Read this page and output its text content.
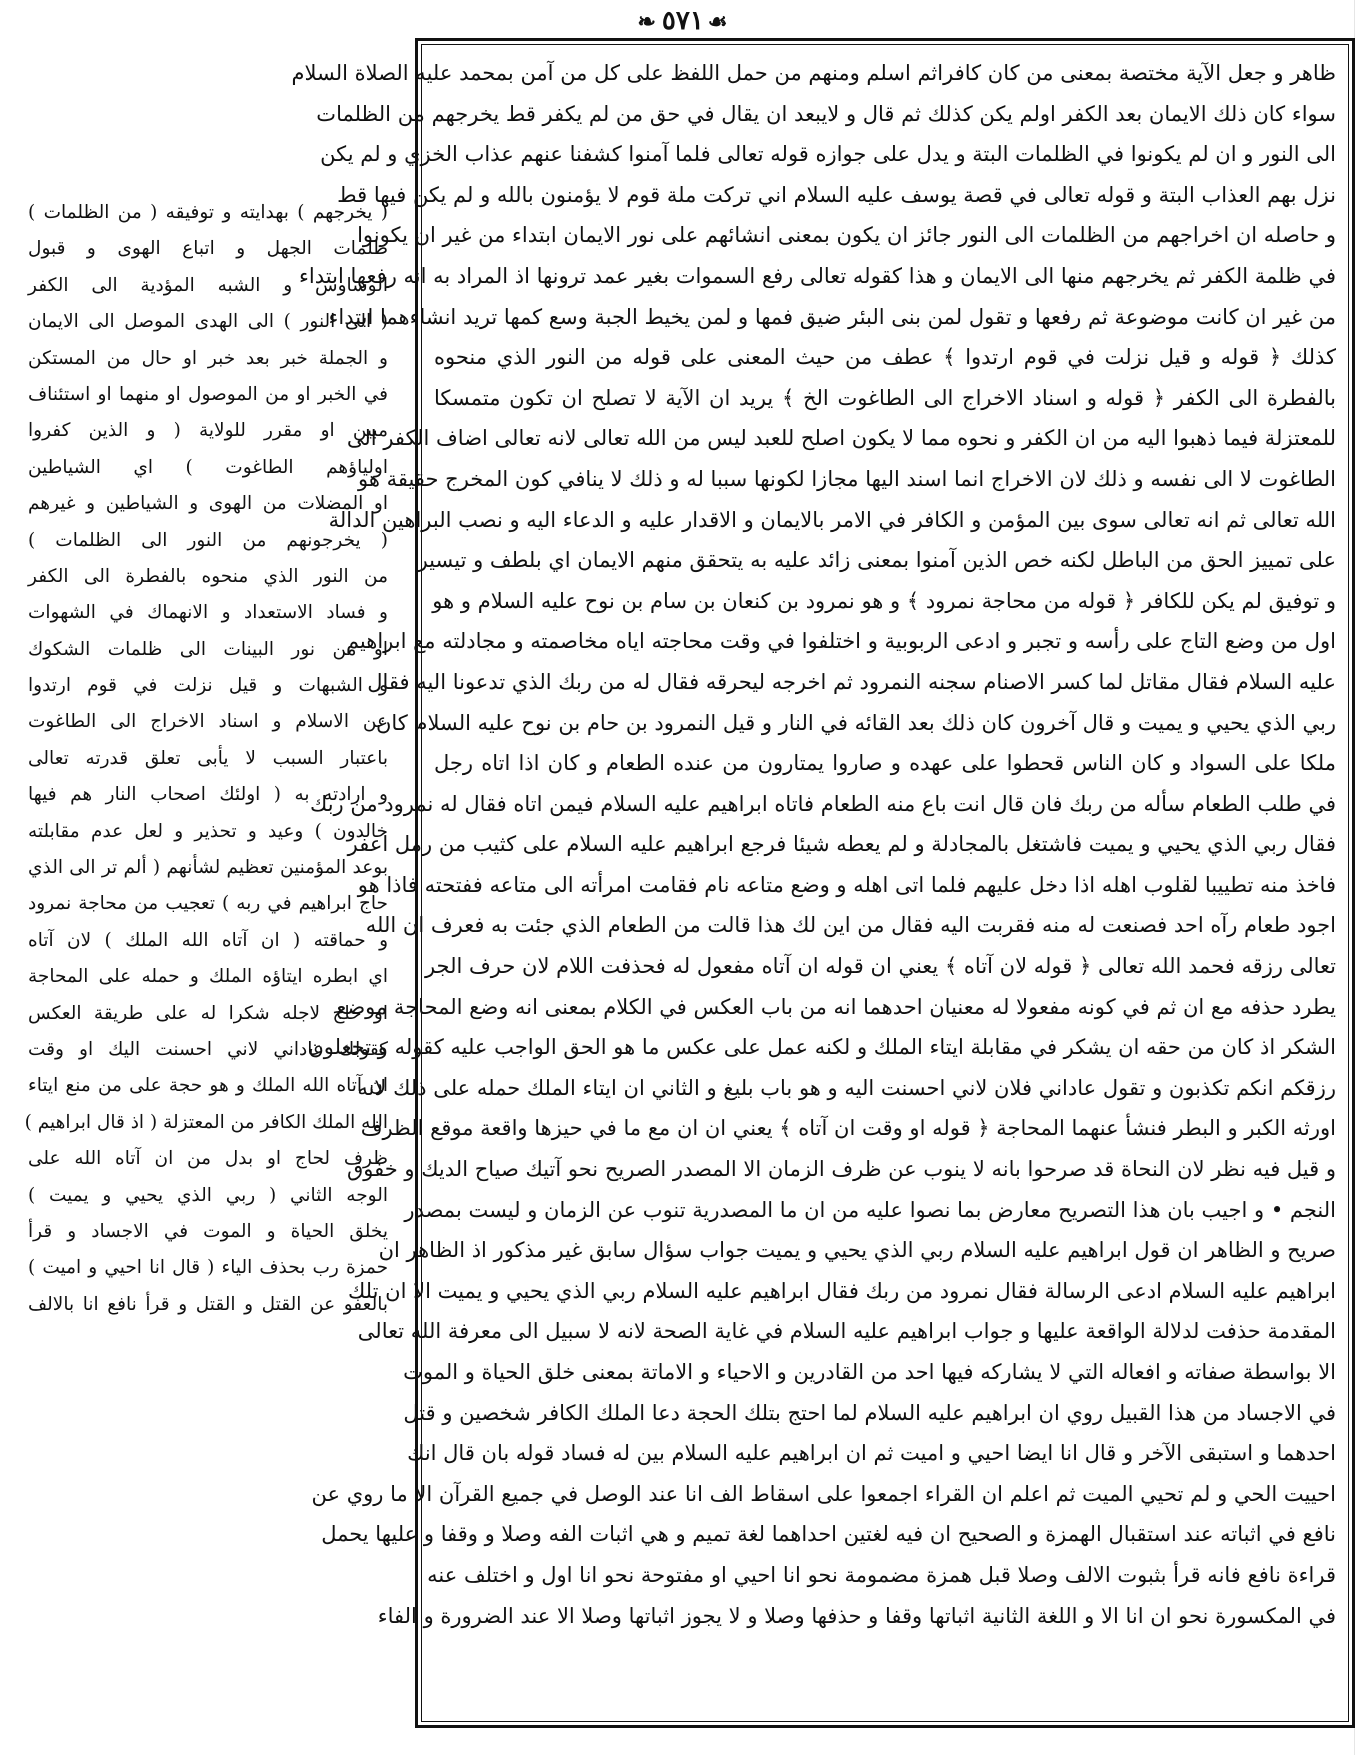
❧ ٥٧١ ☙
( يخرجهم ) بهدايته و توفيقه ( من الظلمات )
ظلمات الجهل و اتباع الهوى و قبول
الوساوس و الشبه المؤدية الى الكفر
( الى النور ) الى الهدى الموصل الى الايمان
و الجملة خبر بعد خبر او حال من المستكن
في الخبر او من الموصول او منهما او استئناف
مبين او مقرر للولاية ( و الذين كفروا
اولياؤهم الطاغوت ) اي الشياطين
او المضلات من الهوى و الشياطين و غيرهم
( يخرجونهم من النور الى الظلمات )
من النور الذي منحوه بالفطرة الى الكفر
و فساد الاستعداد و الانهماك في الشهوات
او من نور البينات الى ظلمات الشكوك
و الشبهات و قيل نزلت في قوم ارتدوا
عن الاسلام و اسناد الاخراج الى الطاغوت
باعتبار السبب لا يأبى تعلق قدرته تعالى
و ارادته به ( اولئك اصحاب النار هم فيها
خالدون ) وعيد و تحذير و لعل عدم مقابلته
بوعد المؤمنين تعظيم لشأنهم ( ألم تر الى الذي
حاج ابراهيم في ربه ) تعجيب من محاجة نمرود
و حماقته ( ان آتاه الله الملك ) لان آتاه
اي ابطره ايتاؤه الملك و حمله على المحاجة
او حاج لاجله شكرا له على طريقة العكس
كقولك عاداني لاني احسنت اليك او وقت
ان آتاه الله الملك و هو حجة على من منع ايتاء
الله الملك الكافر من المعتزلة ( اذ قال ابراهيم )
ظرف لحاج او بدل من ان آتاه الله على
الوجه الثاني ( ربي الذي يحيي و يميت )
يخلق الحياة و الموت في الاجساد و قرأ
حمزة رب بحذف الياء ( قال انا احيي و اميت )
بالعفو عن القتل و القتل و قرأ نافع انا بالالف
ظاهر و جعل الآية مختصة بمعنى من كان كافراثم اسلم ومنهم من حمل اللفظ على كل من آمن بمحمد عليه الصلاة السلام
سواء كان ذلك الايمان بعد الكفر اولم يكن كذلك ثم قال و لايبعد ان يقال في حق من لم يكفر قط يخرجهم من الظلمات
الى النور و ان لم يكونوا في الظلمات البتة و يدل على جوازه قوله تعالى فلما آمنوا كشفنا عنهم عذاب الخزي و لم يكن
نزل بهم العذاب البتة و قوله تعالى في قصة يوسف عليه السلام اني تركت ملة قوم لا يؤمنون بالله و لم يكن فيها قط
و حاصله ان اخراجهم من الظلمات الى النور جائز ان يكون بمعنى انشائهم على نور الايمان ابتداء من غير ان يكونوا
في ظلمة الكفر ثم يخرجهم منها الى الايمان و هذا كقوله تعالى رفع السموات بغير عمد ترونها اذ المراد به انه رفعها ابتداء
من غير ان كانت موضوعة ثم رفعها و تقول لمن بنى البئر ضيق فمها و لمن يخيط الجبة وسع كمها تريد انشاءهما ابتداء
كذلك ﴿ قوله و قيل نزلت في قوم ارتدوا ﴾ عطف من حيث المعنى على قوله من النور الذي منحوه
بالفطرة الى الكفر ﴿ قوله و اسناد الاخراج الى الطاغوت الخ ﴾ يريد ان الآية لا تصلح ان تكون متمسكا
للمعتزلة فيما ذهبوا اليه من ان الكفر و نحوه مما لا يكون اصلح للعبد ليس من الله تعالى لانه تعالى اضاف الكفر الى
الطاغوت لا الى نفسه و ذلك لان الاخراج انما اسند اليها مجازا لكونها سببا له و ذلك لا ينافي كون المخرج حقيقة هو
الله تعالى ثم انه تعالى سوى بين المؤمن و الكافر في الامر بالايمان و الاقدار عليه و الدعاء اليه و نصب البراهين الدالة
على تمييز الحق من الباطل لكنه خص الذين آمنوا بمعنى زائد عليه به يتحقق منهم الايمان اي بلطف و تيسير
و توفيق لم يكن للكافر ﴿ قوله من محاجة نمرود ﴾ و هو نمرود بن كنعان بن سام بن نوح عليه السلام و هو
اول من وضع التاج على رأسه و تجبر و ادعى الربوبية و اختلفوا في وقت محاجته اياه مخاصمته و مجادلته مع ابراهيم
عليه السلام فقال مقاتل لما كسر الاصنام سجنه النمرود ثم اخرجه ليحرقه فقال له من ربك الذي تدعونا اليه فقال
ربي الذي يحيي و يميت و قال آخرون كان ذلك بعد القائه في النار و قيل النمرود بن حام بن نوح عليه السلام كان
ملكا على السواد و كان الناس قحطوا على عهده و صاروا يمتارون من عنده الطعام و كان اذا اتاه رجل
في طلب الطعام سأله من ربك فان قال انت باع منه الطعام فاتاه ابراهيم عليه السلام فيمن اتاه فقال له نمرود من ربك
فقال ربي الذي يحيي و يميت فاشتغل بالمجادلة و لم يعطه شيئا فرجع ابراهيم عليه السلام على كثيب من رمل اعفر
فاخذ منه تطييبا لقلوب اهله اذا دخل عليهم فلما اتى اهله و وضع متاعه نام فقامت امرأته الى متاعه ففتحته فاذا هو
اجود طعام رآه احد فصنعت له منه فقربت اليه فقال من اين لك هذا قالت من الطعام الذي جئت به فعرف ان الله
تعالى رزقه فحمد الله تعالى ﴿ قوله لان آتاه ﴾ يعني ان قوله ان آتاه مفعول له فحذفت اللام لان حرف الجر
يطرد حذفه مع ان ثم في كونه مفعولا له معنيان احدهما انه من باب العكس في الكلام بمعنى انه وضع المحاجة موضع
الشكر اذ كان من حقه ان يشكر في مقابلة ايتاء الملك و لكنه عمل على عكس ما هو الحق الواجب عليه كقوله و تجعلون
رزقكم انكم تكذبون و تقول عاداني فلان لاني احسنت اليه و هو باب بليغ و الثاني ان ايتاء الملك حمله على ذلك لانه
اورثه الكبر و البطر فنشأ عنهما المحاجة ﴿ قوله او وقت ان آتاه ﴾ يعني ان ان مع ما في حيزها واقعة موقع الظرف
و قيل فيه نظر لان النحاة قد صرحوا بانه لا ينوب عن ظرف الزمان الا المصدر الصريح نحو آتيك صياح الديك و خفوق
النجم • و اجيب بان هذا التصريح معارض بما نصوا عليه من ان ما المصدرية تنوب عن الزمان و ليست بمصدر
صريح و الظاهر ان قول ابراهيم عليه السلام ربي الذي يحيي و يميت جواب سؤال سابق غير مذكور اذ الظاهر ان
ابراهيم عليه السلام ادعى الرسالة فقال نمرود من ربك فقال ابراهيم عليه السلام ربي الذي يحيي و يميت الا ان تلك
المقدمة حذفت لدلالة الواقعة عليها و جواب ابراهيم عليه السلام في غاية الصحة لانه لا سبيل الى معرفة الله تعالى
الا بواسطة صفاته و افعاله التي لا يشاركه فيها احد من القادرين و الاحياء و الاماتة بمعنى خلق الحياة و الموت
في الاجساد من هذا القبيل روي ان ابراهيم عليه السلام لما احتج بتلك الحجة دعا الملك الكافر شخصين و قتل
احدهما و استبقى الآخر و قال انا ايضا احيي و اميت ثم ان ابراهيم عليه السلام بين له فساد قوله بان قال انك
احييت الحي و لم تحيي الميت ثم اعلم ان القراء اجمعوا على اسقاط الف انا عند الوصل في جميع القرآن الا ما روي عن
نافع في اثباته عند استقبال الهمزة و الصحيح ان فيه لغتين احداهما لغة تميم و هي اثبات الفه وصلا و وقفا و عليها يحمل
قراءة نافع فانه قرأ بثبوت الالف وصلا قبل همزة مضمومة نحو انا احيي او مفتوحة نحو انا اول و اختلف عنه
في المكسورة نحو ان انا الا و اللغة الثانية اثباتها وقفا و حذفها وصلا و لا يجوز اثباتها وصلا الا عند الضرورة و الفاء
